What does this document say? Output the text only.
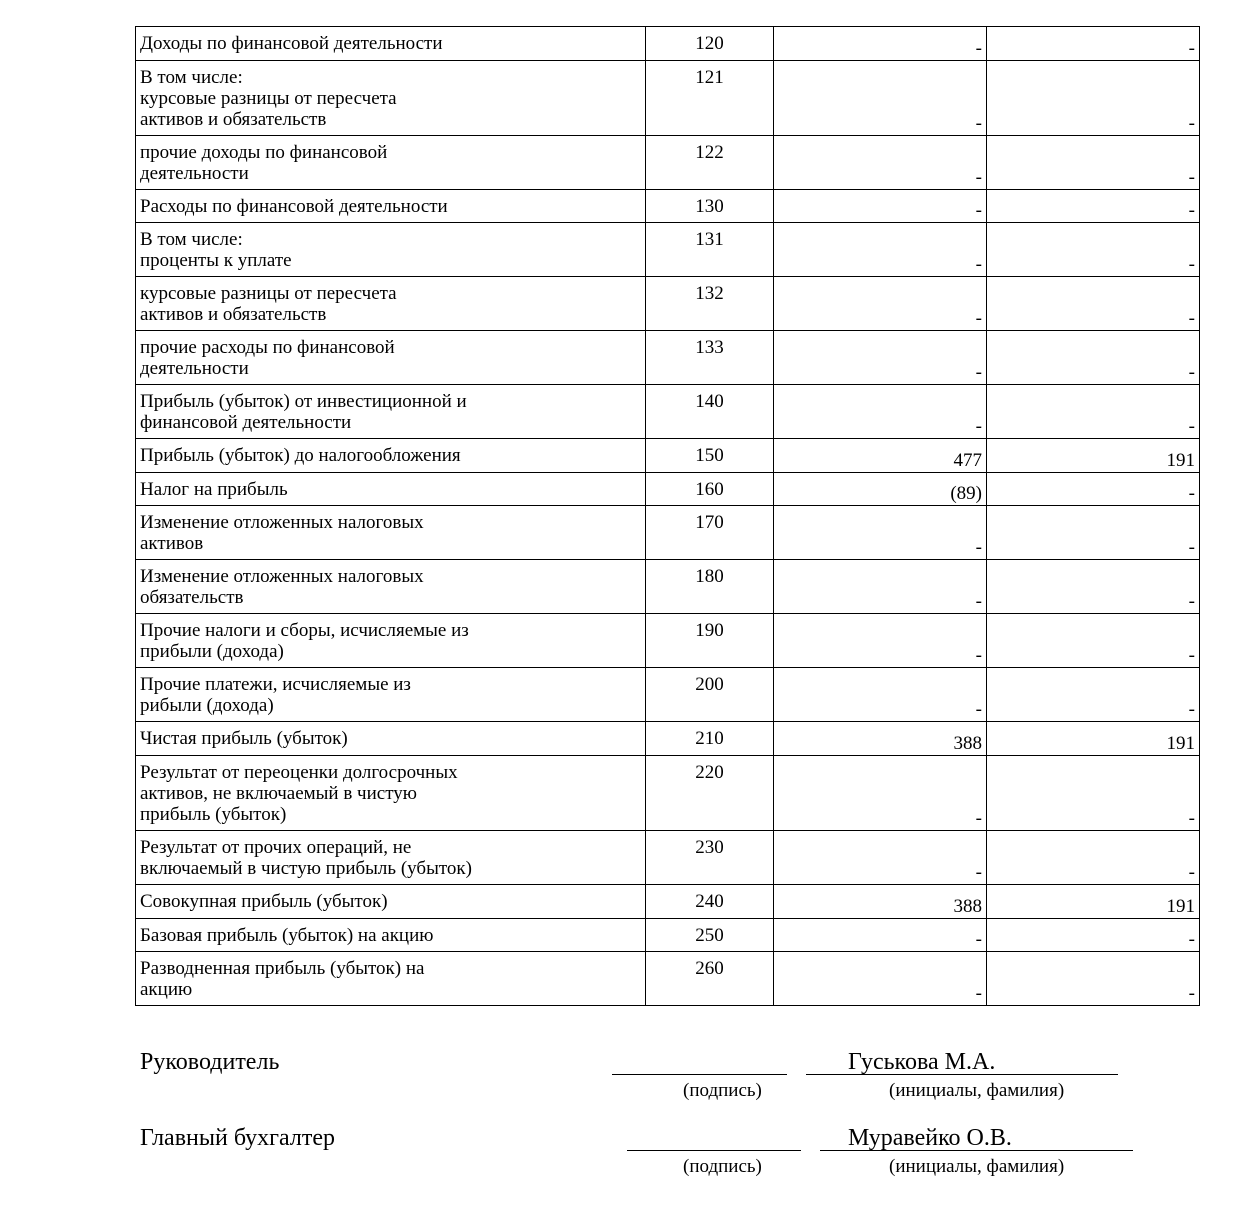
Доходы по финансовой деятельности	120	-	-
В том числе:
курсовые разницы от пересчета
активов и обязательств	121	-	-
прочие доходы по финансовой
деятельности	122	-	-
Расходы по финансовой деятельности	130	-	-
В том числе:
проценты к уплате	131	-	-
курсовые разницы от пересчета
активов и обязательств	132	-	-
прочие расходы по финансовой
деятельности	133	-	-
Прибыль (убыток) от инвестиционной и
финансовой деятельности	140	-	-
Прибыль (убыток) до налогообложения	150	477	191
Налог на прибыль	160	(89)	-
Изменение отложенных налоговых
активов	170	-	-
Изменение отложенных налоговых
обязательств	180	-	-
Прочие налоги и сборы, исчисляемые из
прибыли (дохода)	190	-	-
Прочие платежи, исчисляемые из
рибыли (дохода)	200	-	-
Чистая прибыль (убыток)	210	388	191
Результат от переоценки долгосрочных
активов, не включаемый в чистую
прибыль (убыток)	220	-	-
Результат от прочих операций, не
включаемый в чистую прибыль (убыток)	230	-	-
Совокупная прибыль (убыток)	240	388	191
Базовая прибыль (убыток) на акцию	250	-	-
Разводненная прибыль (убыток) на
акцию	260	-	-
Руководитель	Гуськова М.А.
(подпись)	(инициалы, фамилия)
Главный бухгалтер	Муравейко О.В.
(подпись)	(инициалы, фамилия)
